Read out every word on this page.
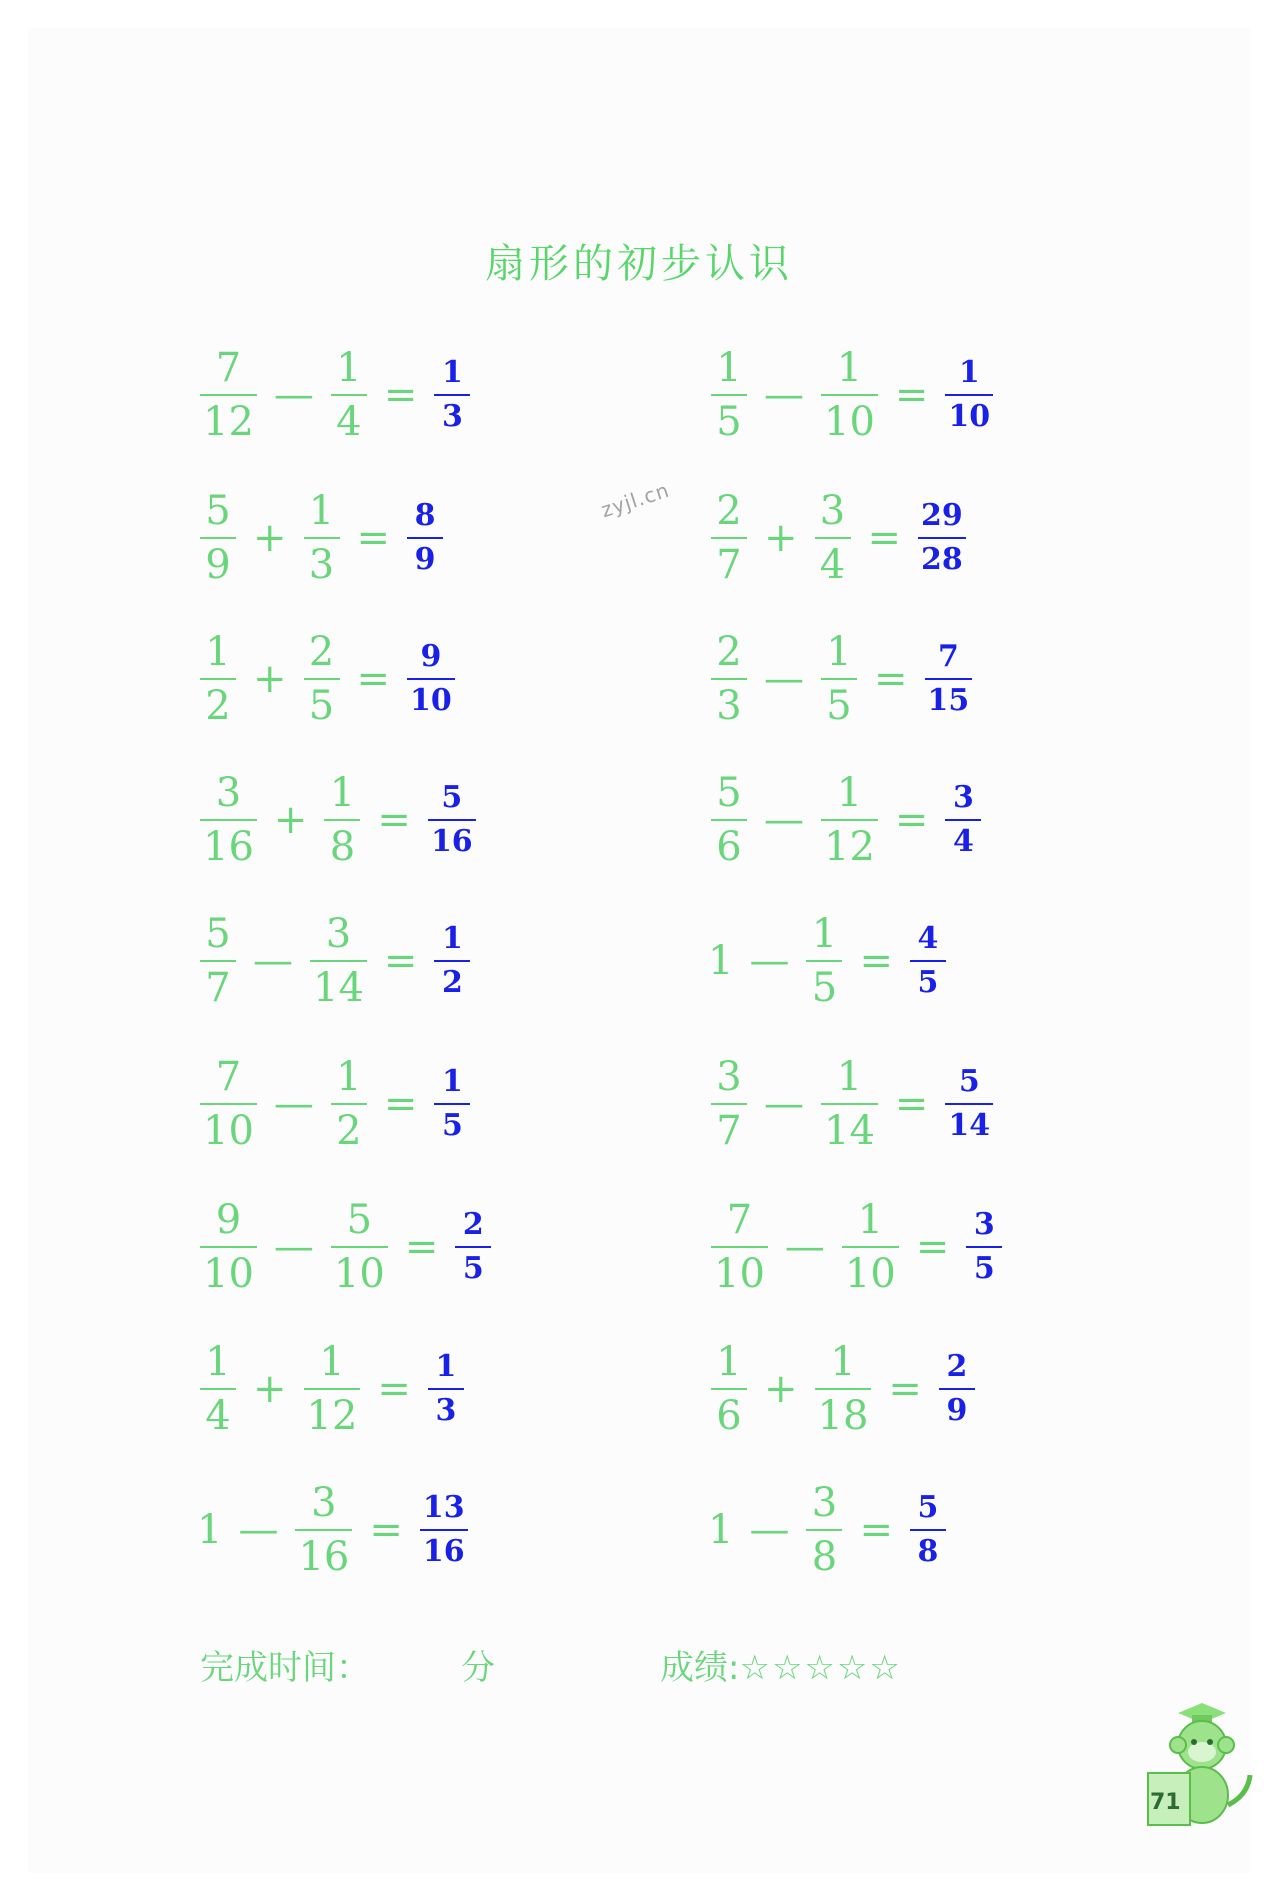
扇形的初步认识
zyjl.cn
$\frac{7}{12}$ — $\frac{1}{4} = \frac{1}{3}$	$\frac{1}{5}$ — $\frac{1}{10} = \frac{1}{10}$
$\frac{5}{9} + \frac{1}{3} = \frac{8}{9}$	$\frac{2}{7} + \frac{3}{4} = \frac{29}{28}$
$\frac{1}{2} + \frac{2}{5} = \frac{9}{10}$	$\frac{2}{3}$ — $\frac{1}{5} = \frac{7}{15}$
$\frac{3}{16} + \frac{1}{8} = \frac{5}{16}$	$\frac{5}{6}$ — $\frac{1}{12} = \frac{3}{4}$
$\frac{5}{7}$ — $\frac{3}{14} = \frac{1}{2}$	1 — $\frac{1}{5} = \frac{4}{5}$
$\frac{7}{10}$ — $\frac{1}{2} = \frac{1}{5}$	$\frac{3}{7}$ — $\frac{1}{14} = \frac{5}{14}$
$\frac{9}{10}$ — $\frac{5}{10} = \frac{2}{5}$	$\frac{7}{10}$ — $\frac{1}{10} = \frac{3}{5}$
$\frac{1}{4} + \frac{1}{12} = \frac{1}{3}$	$\frac{1}{6} + \frac{1}{18} = \frac{2}{9}$
1 — $\frac{3}{16} = \frac{13}{16}$	1 — $\frac{3}{8} = \frac{5}{8}$
完成时间：	分	成绩:☆☆☆☆☆
71
